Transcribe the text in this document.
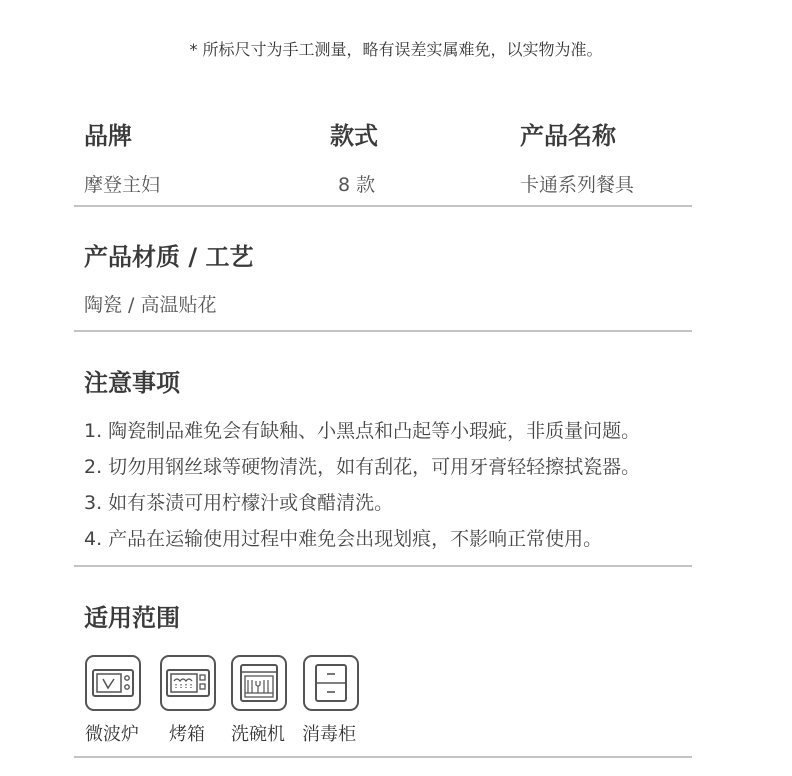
* 所标尺寸为手工测量，略有误差实属难免，以实物为准。
品牌	款式	产品名称
摩登主妇	8 款	卡通系列餐具
产品材质 / 工艺
陶瓷 / 高温贴花
注意事项
1. 陶瓷制品难免会有缺釉、小黑点和凸起等小瑕疵，非质量问题。
2. 切勿用钢丝球等硬物清洗，如有刮花，可用牙膏轻轻擦拭瓷器。
3. 如有茶渍可用柠檬汁或食醋清洗。
4. 产品在运输使用过程中难免会出现划痕，不影响正常使用。
适用范围
微波炉 烤箱 洗碗机 消毒柜
